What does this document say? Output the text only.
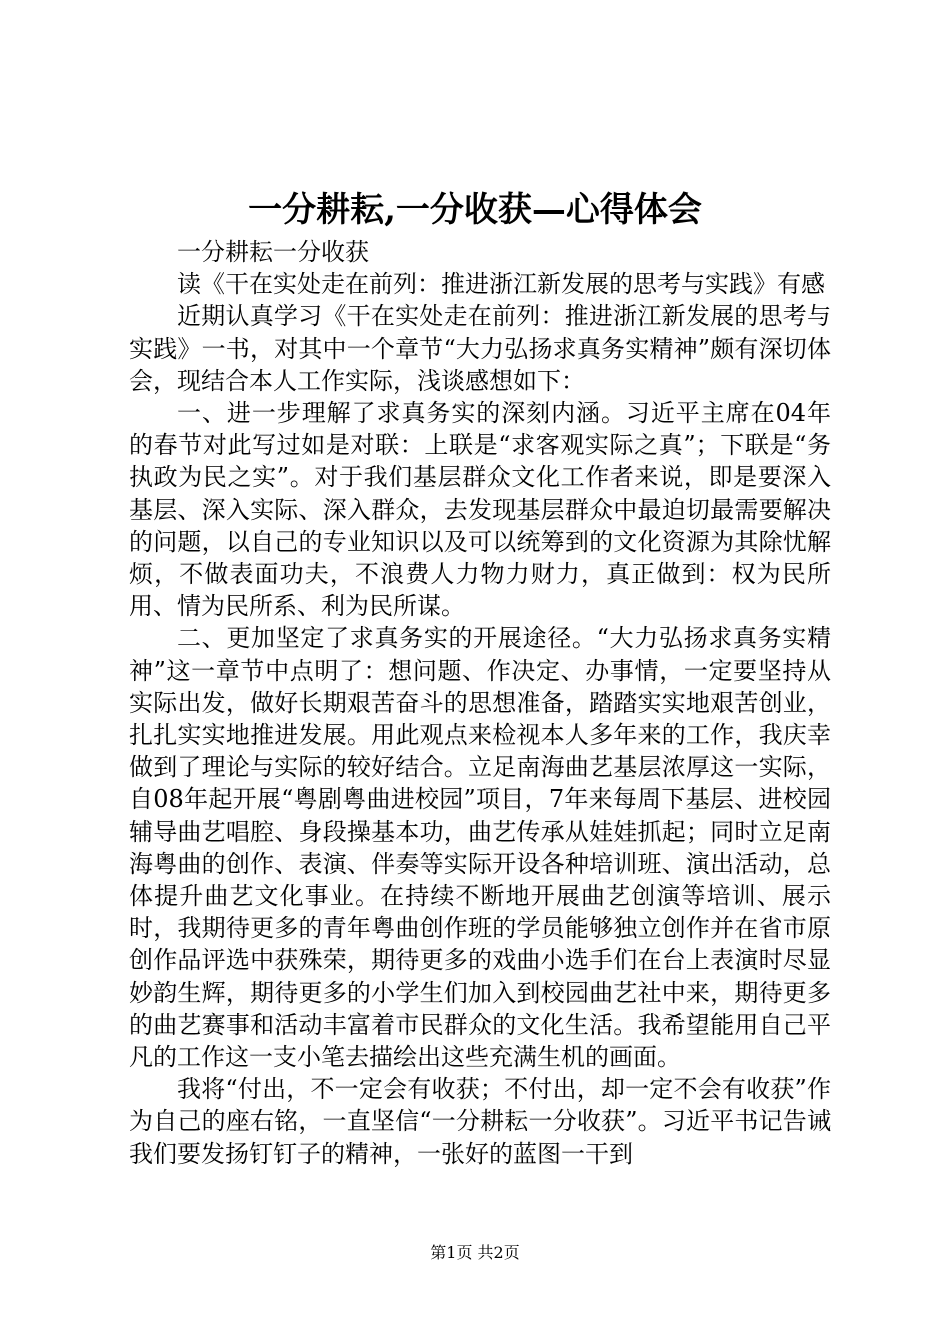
一分耕耘,一分收获—心得体会

一分耕耘一分收获

读《干在实处走在前列：推进浙江新发展的思考与实践》有感

近期认真学习《干在实处走在前列：推进浙江新发展的思考与实践》一书，对其中一个章节“大力弘扬求真务实精神”颇有深切体会，现结合本人工作实际，浅谈感想如下：

一、进一步理解了求真务实的深刻内涵。习近平主席在04年的春节对此写过如是对联：上联是“求客观实际之真”；下联是“务执政为民之实”。对于我们基层群众文化工作者来说，即是要深入基层、深入实际、深入群众，去发现基层群众中最迫切最需要解决的问题，以自己的专业知识以及可以统筹到的文化资源为其除忧解烦，不做表面功夫，不浪费人力物力财力，真正做到：权为民所用、情为民所系、利为民所谋。

二、更加坚定了求真务实的开展途径。“大力弘扬求真务实精神”这一章节中点明了：想问题、作决定、办事情，一定要坚持从实际出发，做好长期艰苦奋斗的思想准备，踏踏实实地艰苦创业，扎扎实实地推进发展。用此观点来检视本人多年来的工作，我庆幸做到了理论与实际的较好结合。立足南海曲艺基层浓厚这一实际，自08年起开展“粤剧粤曲进校园”项目，7年来每周下基层、进校园辅导曲艺唱腔、身段操基本功，曲艺传承从娃娃抓起；同时立足南海粤曲的创作、表演、伴奏等实际开设各种培训班、演出活动，总体提升曲艺文化事业。在持续不断地开展曲艺创演等培训、展示时，我期待更多的青年粤曲创作班的学员能够独立创作并在省市原创作品评选中获殊荣，期待更多的戏曲小选手们在台上表演时尽显妙韵生辉，期待更多的小学生们加入到校园曲艺社中来，期待更多的曲艺赛事和活动丰富着市民群众的文化生活。我希望能用自己平凡的工作这一支小笔去描绘出这些充满生机的画面。

我将“付出，不一定会有收获；不付出，却一定不会有收获”作为自己的座右铭，一直坚信“一分耕耘一分收获”。习近平书记告诫我们要发扬钉钉子的精神，一张好的蓝图一干到

第1页 共2页
